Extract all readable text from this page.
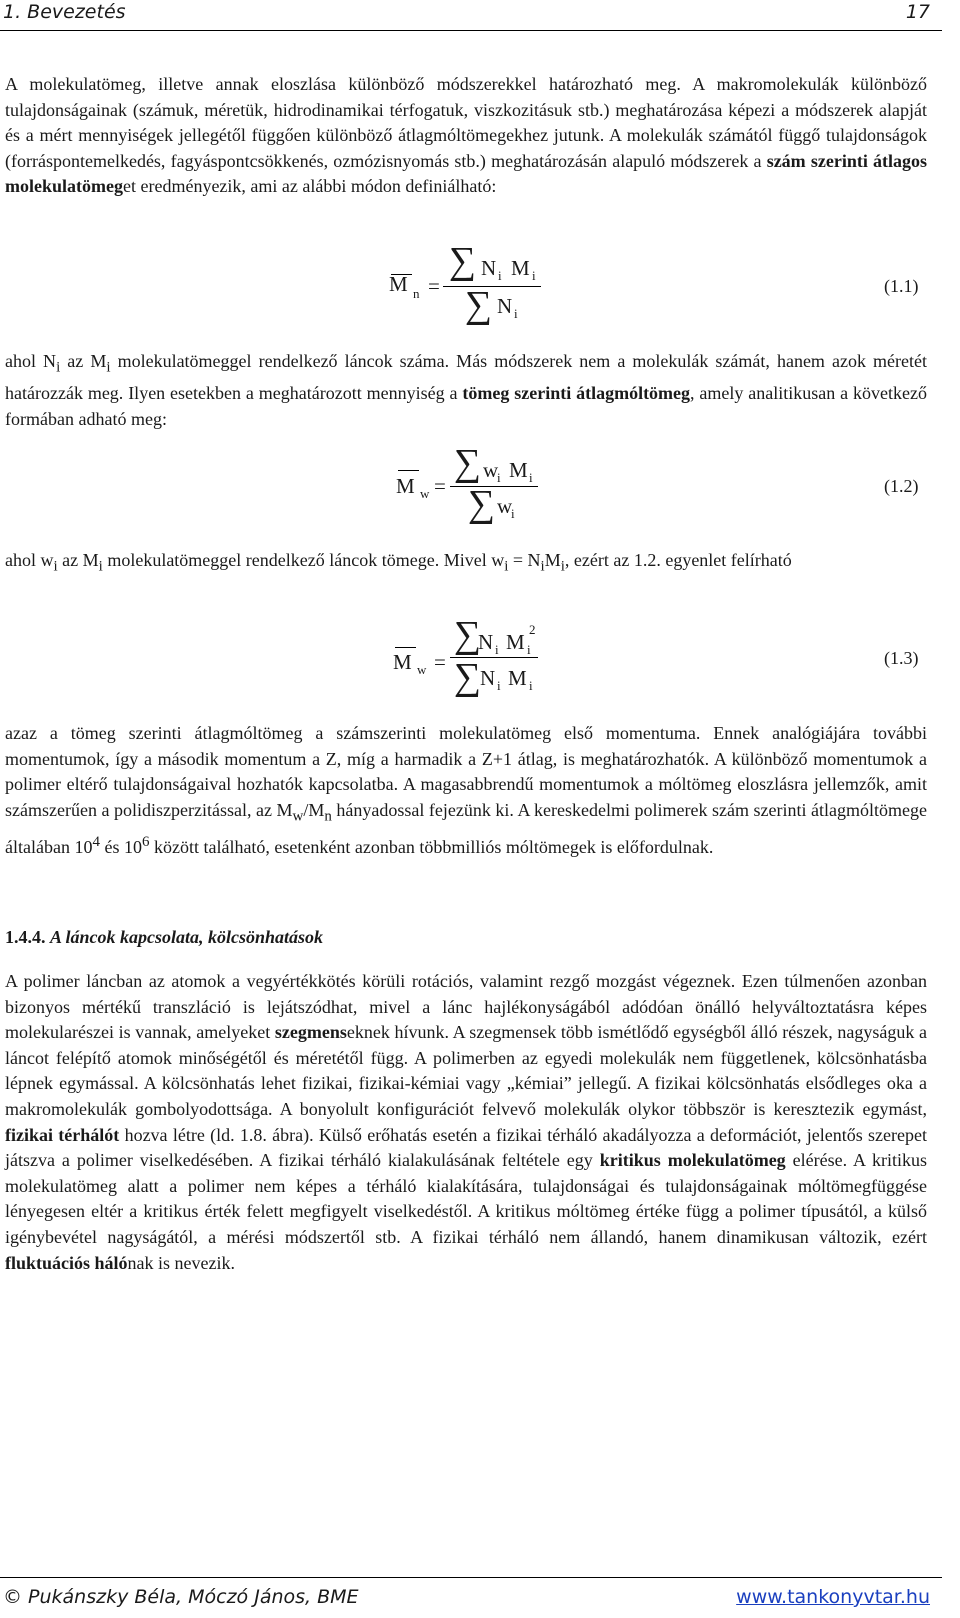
1. Bevezetés	17

A molekulatömeg, illetve annak eloszlása különböző módszerekkel határozható meg. A makromolekulák különböző tulajdonságainak (számuk, méretük, hidrodinamikai térfogatuk, viszkozitásuk stb.) meghatározása képezi a módszerek alapját és a mért mennyiségek jellegétől függően különböző átlagmóltömegekhez jutunk. A molekulák számától függő tulajdonságok (forráspontemelkedés, fagyáspontcsökkenés, ozmózisnyomás stb.) meghatározásán alapuló módszerek a szám szerinti átlagos molekulatömeget eredményezik, ami az alábbi módon definiálható:

M n =
∑ N i M i
∑ N i
(1.1)

ahol $N_i$ az $M_i$ molekulatömeggel rendelkező láncok száma. Más módszerek nem a molekulák számát, hanem azok méretét határozzák meg. Ilyen esetekben a meghatározott mennyiség a tömeg szerinti átlagmóltömeg, amely analitikusan a következő formában adható meg:

M w =
∑ w
i M i
∑ w
i
(1.2)

ahol $w_i$ az $M_i$ molekulatömeggel rendelkező láncok tömege. Mivel $w_i = N_iM_i$, ezért az 1.2. egyenlet felírható

M w =
∑
N i M i
2
∑
N i M i
(1.3)

azaz a tömeg szerinti átlagmóltömeg a számszerinti molekulatömeg első momentuma. Ennek analógiájára további momentumok, így a második momentum a Z, míg a harmadik a Z+1 átlag, is meghatározhatók. A különböző momentumok a polimer eltérő tulajdonságaival hozhatók kapcsolatba. A magasabbrendű momentumok a móltömeg eloszlásra jellemzők, amit számszerűen a polidiszperzitással, az $M_w/M_n$ hányadossal fejezünk ki. A kereskedelmi polimerek szám szerinti átlagmóltömege általában $10^4$ és $10^6$ között található, esetenként azonban többmilliós móltömegek is előfordulnak.

1.4.4. A láncok kapcsolata, kölcsönhatások

A polimer láncban az atomok a vegyértékkötés körüli rotációs, valamint rezgő mozgást végeznek. Ezen túlmenően azonban bizonyos mértékű transzláció is lejátszódhat, mivel a lánc hajlékonyságából adódóan önálló helyváltoztatásra képes molekularészei is vannak, amelyeket szegmenseknek hívunk. A szegmensek több ismétlődő egységből álló részek, nagyságuk a láncot felépítő atomok minőségétől és méretétől függ. A polimerben az egyedi molekulák nem függetlenek, kölcsönhatásba lépnek egymással. A kölcsönhatás lehet fizikai, fizikai-kémiai vagy „kémiai” jellegű. A fizikai kölcsönhatás elsődleges oka a makromolekulák gombolyodottsága. A bonyolult konfigurációt felvevő molekulák olykor többször is keresztezik egymást, fizikai térhálót hozva létre (ld. 1.8. ábra). Külső erőhatás esetén a fizikai térháló akadályozza a deformációt, jelentős szerepet játszva a polimer viselkedésében. A fizikai térháló kialakulásának feltétele egy kritikus molekulatömeg elérése. A kritikus molekulatömeg alatt a polimer nem képes a térháló kialakítására, tulajdonságai és tulajdonságainak móltömegfüggése lényegesen eltér a kritikus érték felett megfigyelt viselkedéstől. A kritikus móltömeg értéke függ a polimer típusától, a külső igénybevétel nagyságától, a mérési módszertől stb. A fizikai térháló nem állandó, hanem dinamikusan változik, ezért fluktuációs hálónak is nevezik.

© Pukánszky Béla, Móczó János, BME	www.tankonyvtar.hu
